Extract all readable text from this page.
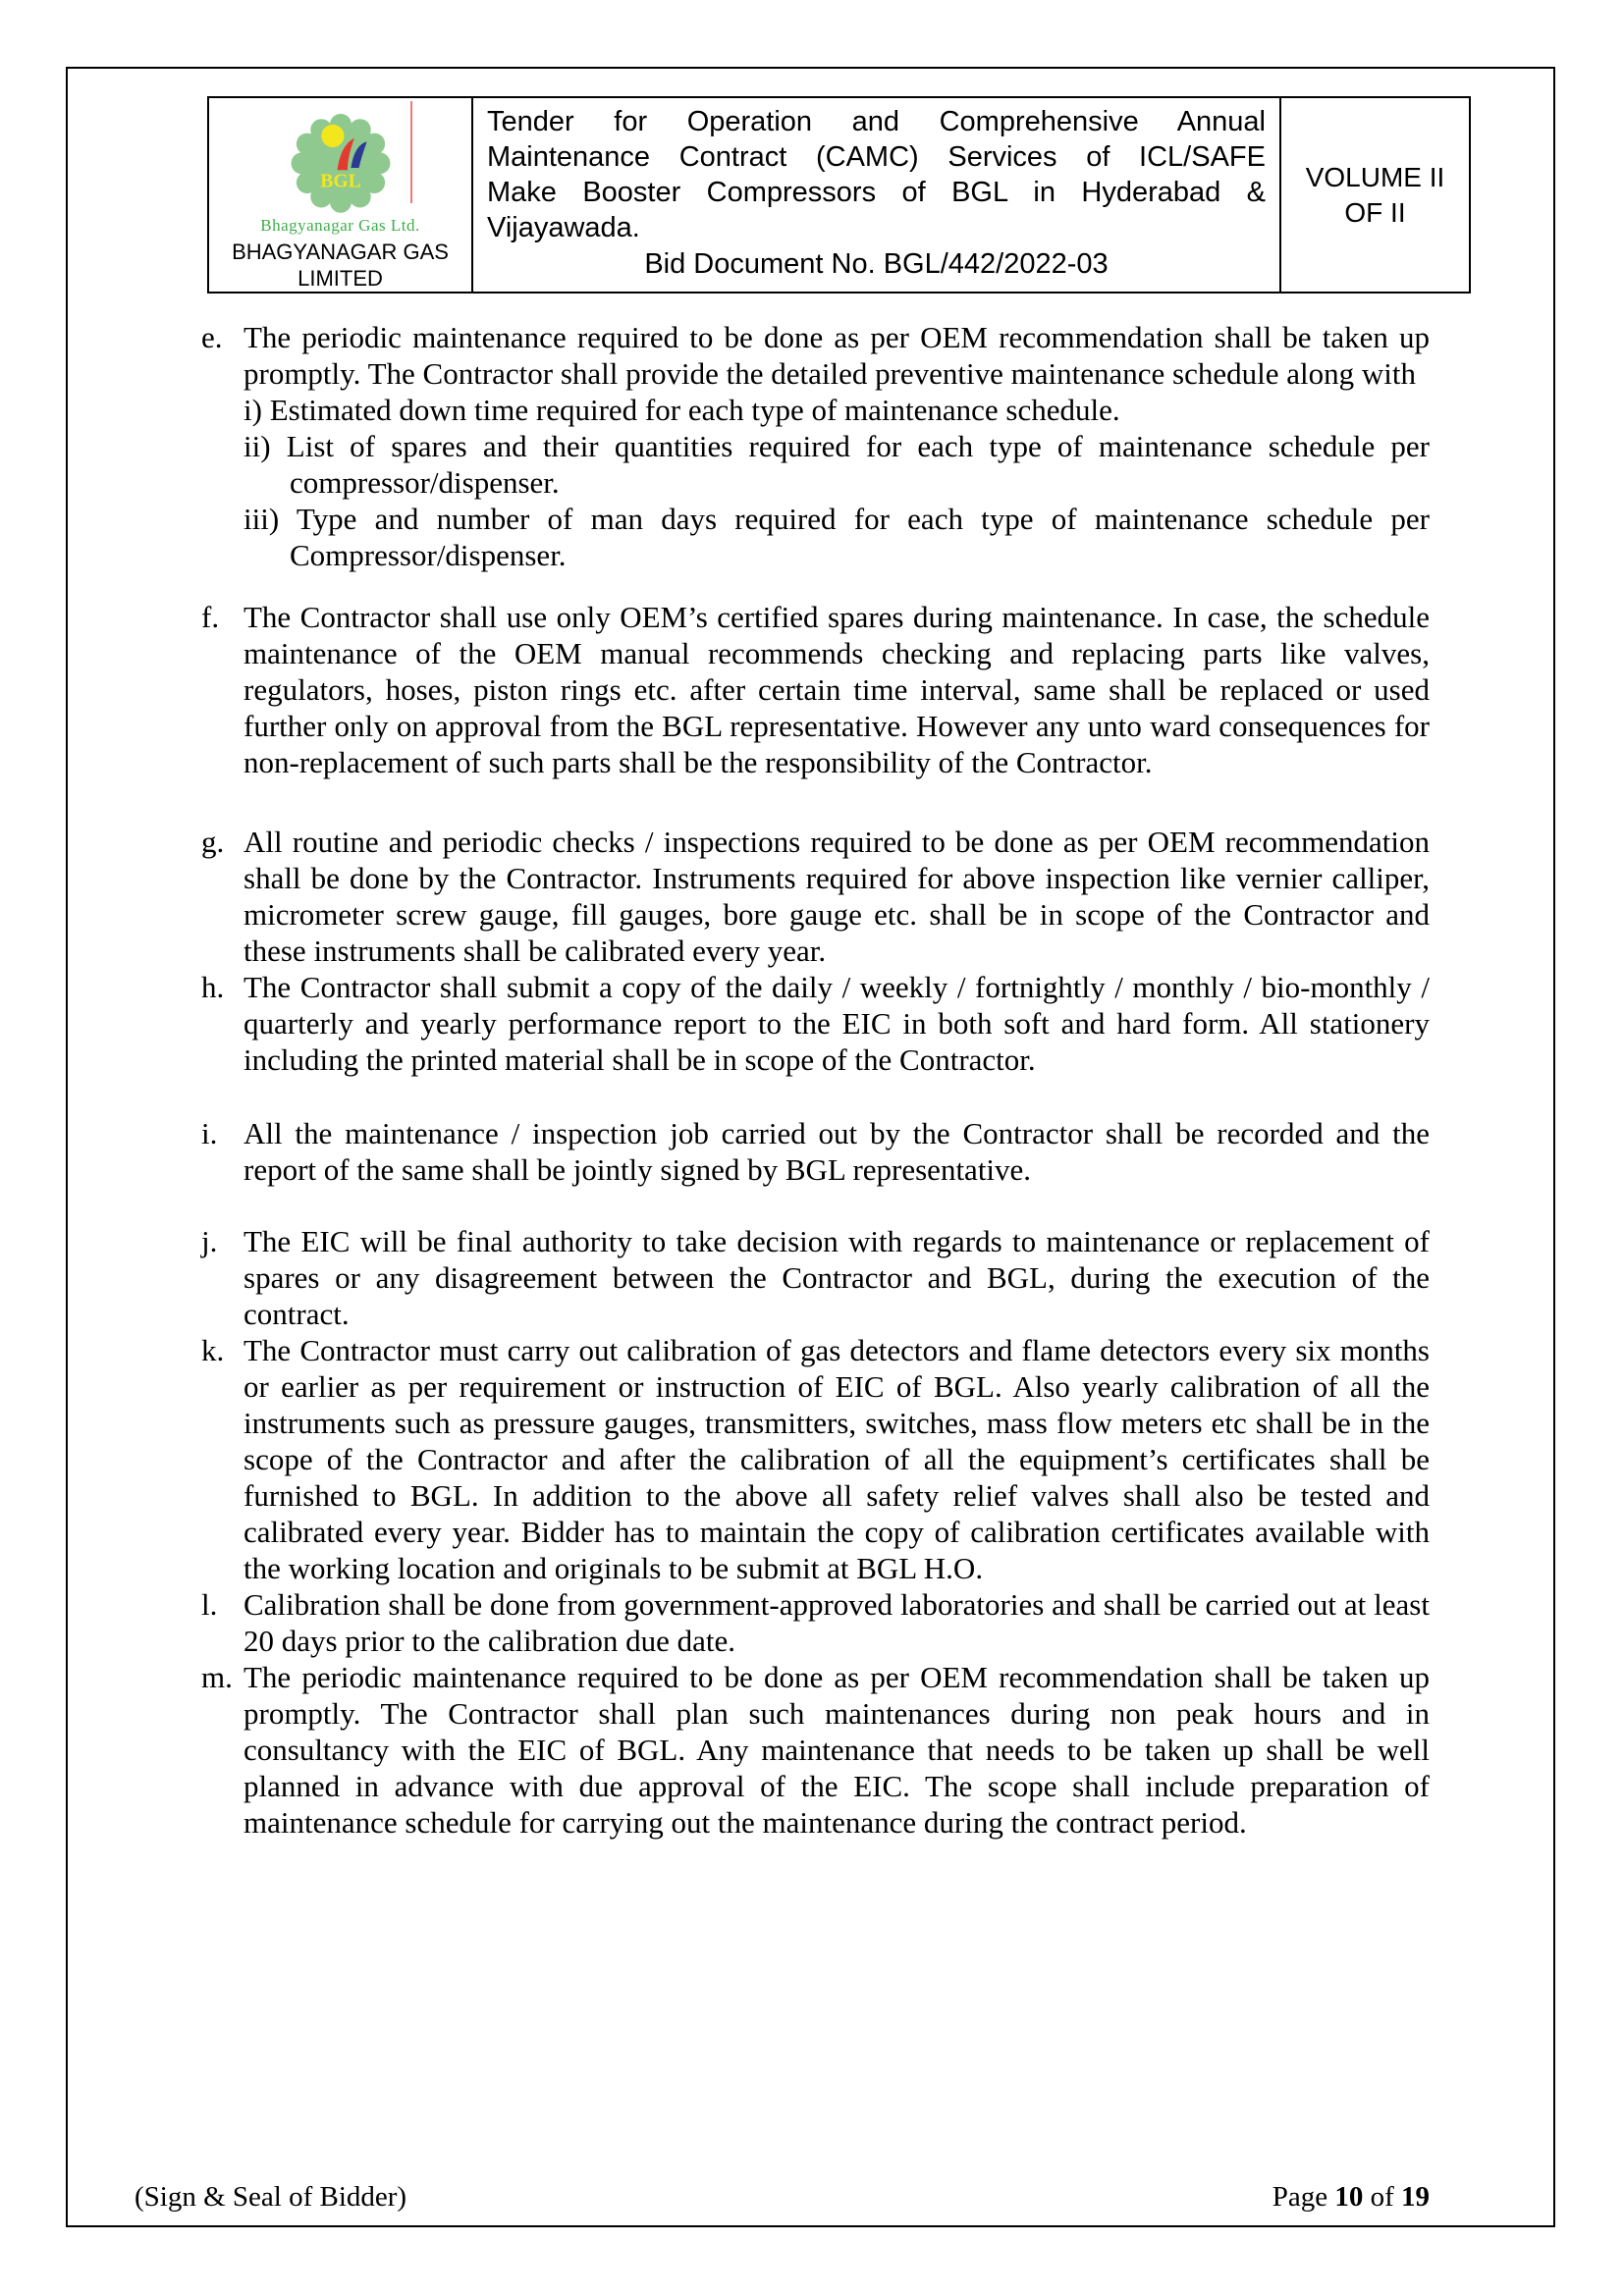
BGL
Bhagyanagar Gas Ltd.
BHAGYANAGAR GAS LIMITED
Tender for Operation and Comprehensive Annual
Maintenance Contract (CAMC) Services of ICL/SAFE
Make Booster Compressors of BGL in Hyderabad &
Vijayawada.
Bid Document No. BGL/442/2022-03
VOLUME II
OF II
e. The periodic maintenance required to be done as per OEM recommendation shall be taken up promptly. The Contractor shall provide the detailed preventive maintenance schedule along with
i) Estimated down time required for each type of maintenance schedule.
ii) List of spares and their quantities required for each type of maintenance schedule per compressor/dispenser.
iii) Type and number of man days required for each type of maintenance schedule per Compressor/dispenser.
f. The Contractor shall use only OEM’s certified spares during maintenance. In case, the schedule maintenance of the OEM manual recommends checking and replacing parts like valves, regulators, hoses, piston rings etc. after certain time interval, same shall be replaced or used further only on approval from the BGL representative. However any unto ward consequences for non-replacement of such parts shall be the responsibility of the Contractor.
g. All routine and periodic checks / inspections required to be done as per OEM recommendation shall be done by the Contractor. Instruments required for above inspection like vernier calliper, micrometer screw gauge, fill gauges, bore gauge etc. shall be in scope of the Contractor and these instruments shall be calibrated every year.
h. The Contractor shall submit a copy of the daily / weekly / fortnightly / monthly / bio-monthly / quarterly and yearly performance report to the EIC in both soft and hard form. All stationery including the printed material shall be in scope of the Contractor.
i. All the maintenance / inspection job carried out by the Contractor shall be recorded and the report of the same shall be jointly signed by BGL representative.
j. The EIC will be final authority to take decision with regards to maintenance or replacement of spares or any disagreement between the Contractor and BGL, during the execution of the contract.
k. The Contractor must carry out calibration of gas detectors and flame detectors every six months or earlier as per requirement or instruction of EIC of BGL. Also yearly calibration of all the instruments such as pressure gauges, transmitters, switches, mass flow meters etc shall be in the scope of the Contractor and after the calibration of all the equipment’s certificates shall be furnished to BGL. In addition to the above all safety relief valves shall also be tested and calibrated every year. Bidder has to maintain the copy of calibration certificates available with the working location and originals to be submit at BGL H.O.
l. Calibration shall be done from government-approved laboratories and shall be carried out at least 20 days prior to the calibration due date.
m. The periodic maintenance required to be done as per OEM recommendation shall be taken up promptly. The Contractor shall plan such maintenances during non peak hours and in consultancy with the EIC of BGL. Any maintenance that needs to be taken up shall be well planned in advance with due approval of the EIC. The scope shall include preparation of maintenance schedule for carrying out the maintenance during the contract period.
(Sign & Seal of Bidder)	Page 10 of 19
